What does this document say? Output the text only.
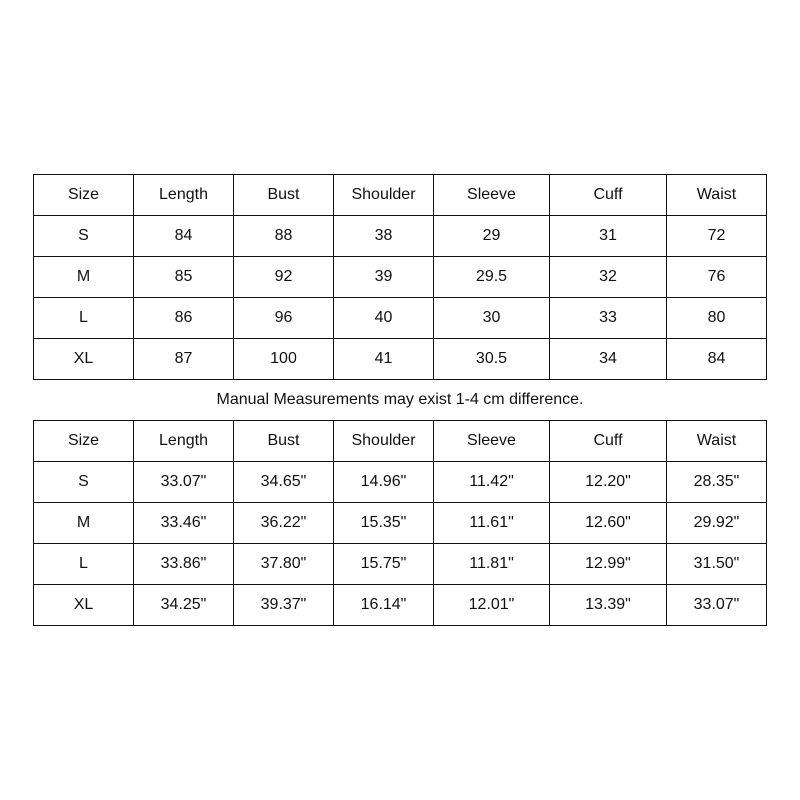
Size	Length	Bust	Shoulder	Sleeve	Cuff	Waist
S	84	88	38	29	31	72
M	85	92	39	29.5	32	76
L	86	96	40	30	33	80
XL	87	100	41	30.5	34	84

Manual Measurements may exist 1-4 cm difference.

Size	Length	Bust	Shoulder	Sleeve	Cuff	Waist
S	33.07"	34.65"	14.96"	11.42"	12.20"	28.35"
M	33.46"	36.22"	15.35"	11.61"	12.60"	29.92"
L	33.86"	37.80"	15.75"	11.81"	12.99"	31.50"
XL	34.25"	39.37"	16.14"	12.01"	13.39"	33.07"
